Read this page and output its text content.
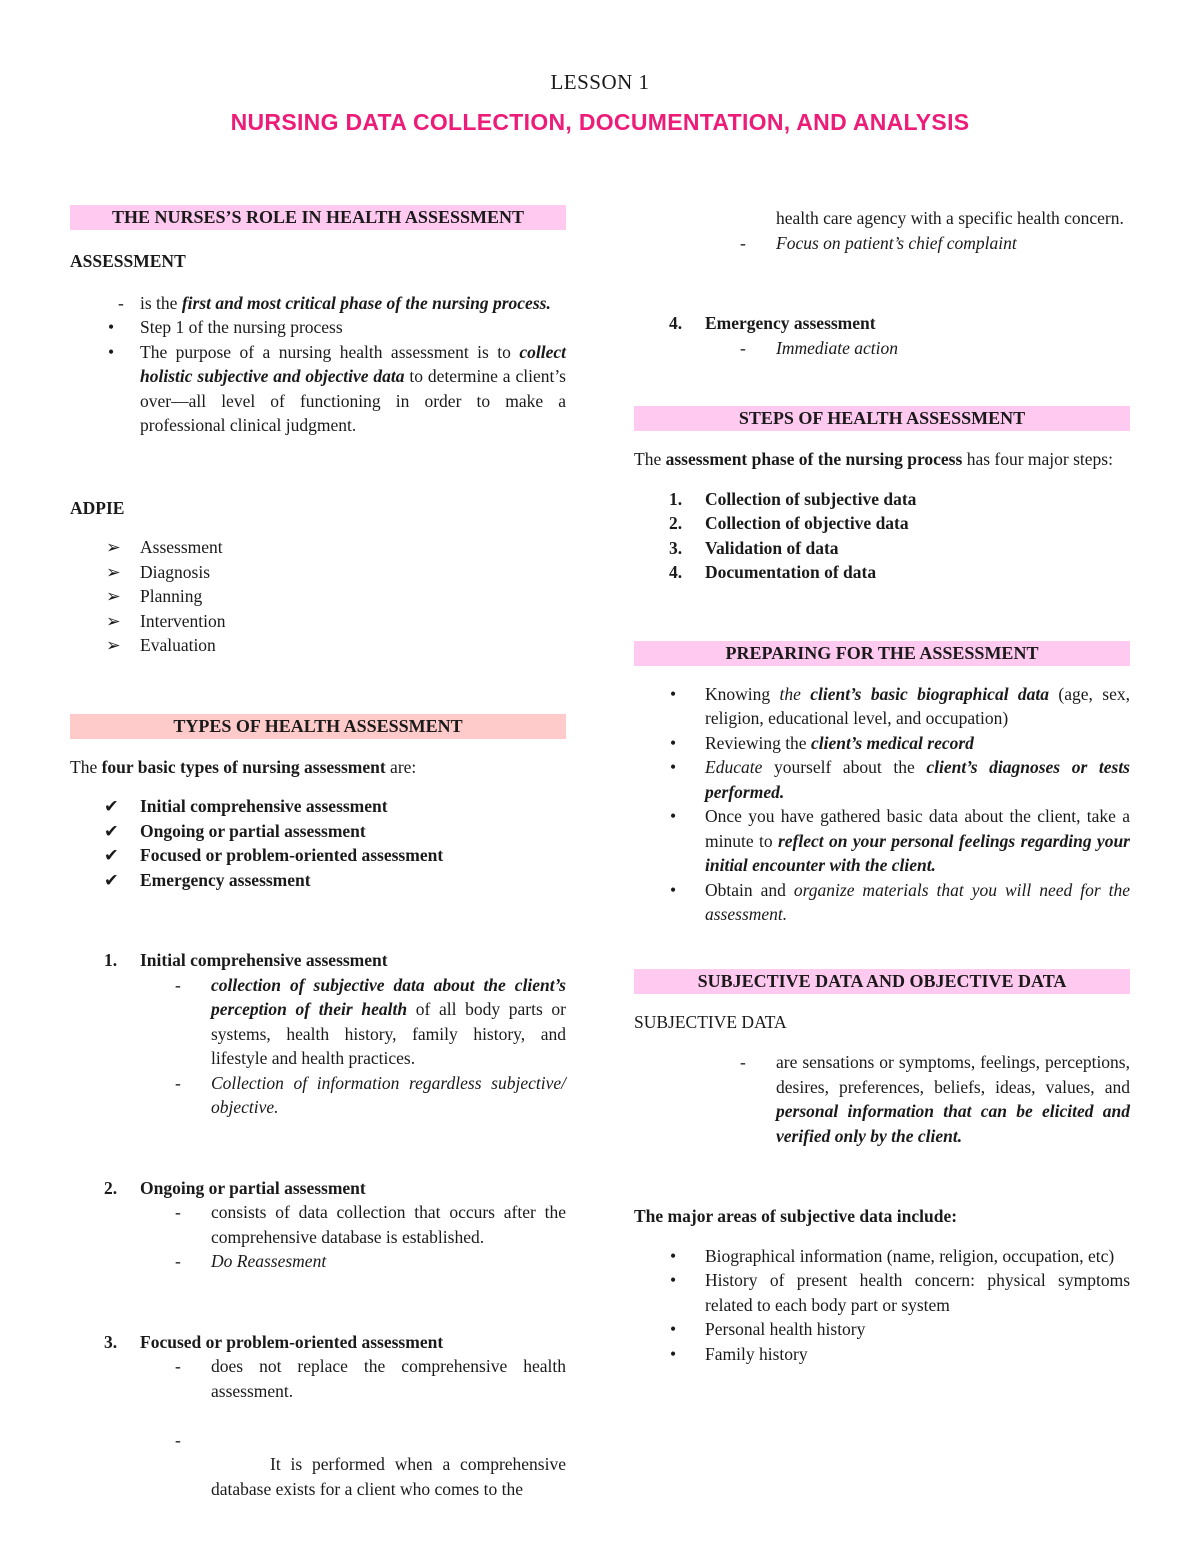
LESSON 1
NURSING DATA COLLECTION, DOCUMENTATION, AND ANALYSIS
THE NURSES’S ROLE IN HEALTH ASSESSMENT

ASSESSMENT

- is the first and most critical phase of the nursing process.
• Step 1 of the nursing process
• The purpose of a nursing health assessment is to collect holistic subjective and objective data to determine a client’s over—all level of functioning in order to make a professional clinical judgment.

ADPIE

➢ Assessment
➢ Diagnosis
➢ Planning
➢ Intervention
➢ Evaluation
TYPES OF HEALTH ASSESSMENT

The four basic types of nursing assessment are:

✔ Initial comprehensive assessment
✔ Ongoing or partial assessment
✔ Focused or problem-oriented assessment
✔ Emergency assessment
1. Initial comprehensive assessment
- collection of subjective data about the client’s perception of their health of all body parts or systems, health history, family history, and lifestyle and health practices.
- Collection of information regardless subjective/ objective.
2. Ongoing or partial assessment
- consists of data collection that occurs after the comprehensive database is established.
- Do Reassesment
3. Focused or problem-oriented assessment
- does not replace the comprehensive health assessment.

-

It is performed when a comprehensive database exists for a client who comes to the

health care agency with a specific health concern.
- Focus on patient’s chief complaint
4. Emergency assessment
- Immediate action
STEPS OF HEALTH ASSESSMENT

The assessment phase of the nursing process has four major steps:

1. Collection of subjective data
2. Collection of objective data
3. Validation of data
4. Documentation of data
PREPARING FOR THE ASSESSMENT
• Knowing the client’s basic biographical data (age, sex, religion, educational level, and occupation)
• Reviewing the client’s medical record
• Educate yourself about the client’s diagnoses or tests performed.
• Once you have gathered basic data about the client, take a minute to reflect on your personal feelings regarding your initial encounter with the client.
• Obtain and organize materials that you will need for the assessment.
SUBJECTIVE DATA AND OBJECTIVE DATA

SUBJECTIVE DATA

- are sensations or symptoms, feelings, perceptions, desires, preferences, beliefs, ideas, values, and personal information that can be elicited and verified only by the client.

The major areas of subjective data include:

• Biographical information (name, religion, occupation, etc)
• History of present health concern: physical symptoms related to each body part or system
• Personal health history
• Family history
